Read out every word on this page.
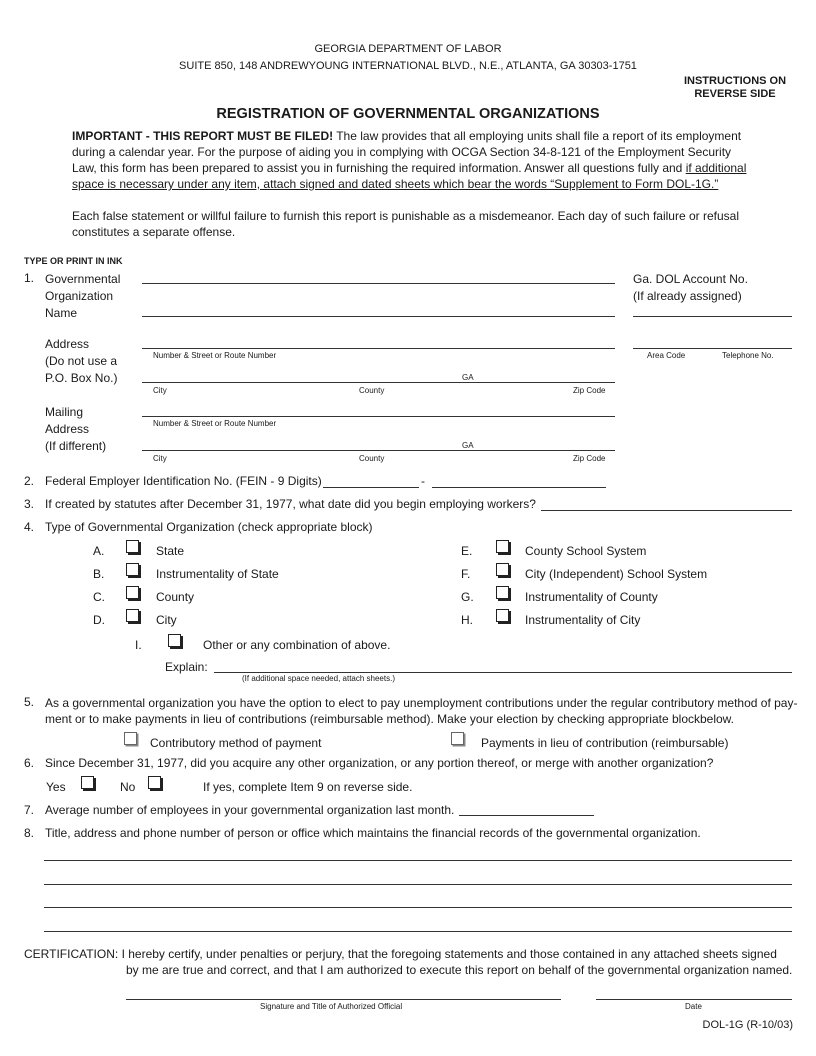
GEORGIA DEPARTMENT OF LABOR
SUITE 850, 148 ANDREWYOUNG INTERNATIONAL BLVD., N.E., ATLANTA, GA 30303-1751
INSTRUCTIONS ON
REVERSE SIDE
REGISTRATION OF GOVERNMENTAL ORGANIZATIONS
IMPORTANT - THIS REPORT MUST BE FILED! The law provides that all employing units shall file a report of its employment during a calendar year. For the purpose of aiding you in complying with OCGA Section 34-8-121 of the Employment Security Law, this form has been prepared to assist you in furnishing the required information. Answer all questions fully and if additional space is necessary under any item, attach signed and dated sheets which bear the words “Supplement to Form DOL-1G.”
Each false statement or willful failure to furnish this report is punishable as a misdemeanor. Each day of such failure or refusal constitutes a separate offense.
TYPE OR PRINT IN INK
1. Governmental
Organization
Name
Ga. DOL Account No.
(If already assigned)
Address
(Do not use a
P.O. Box No.)
Number & Street or Route Number	Area Code	Telephone No.
GA
City	County	Zip Code
Mailing
Address
(If different)
Number & Street or Route Number
GA
City	County	Zip Code
2. Federal Employer Identification No. (FEIN - 9 Digits)	-
3. If created by statutes after December 31, 1977, what date did you begin employing workers?
4. Type of Governmental Organization (check appropriate block)
A.	State
B.	Instrumentality of State
C.	County
D.	City
E.	County School System
F.	City (Independent) School System
G.	Instrumentality of County
H.	Instrumentality of City
I.	Other or any combination of above.
Explain:
(If additional space needed, attach sheets.)
5. As a governmental organization you have the option to elect to pay unemployment contributions under the regular contributory method of pay-
ment or to make payments in lieu of contributions (reimbursable method). Make your election by checking appropriate blockbelow.
Contributory method of payment	Payments in lieu of contribution (reimbursable)
6. Since December 31, 1977, did you acquire any other organization, or any portion thereof, or merge with another organization?
Yes	No	If yes, complete Item 9 on reverse side.
7. Average number of employees in your governmental organization last month.
8. Title, address and phone number of person or office which maintains the financial records of the governmental organization.
CERTIFICATION: I hereby certify, under penalties or perjury, that the foregoing statements and those contained in any attached sheets signed
by me are true and correct, and that I am authorized to execute this report on behalf of the governmental organization named.
Signature and Title of Authorized Official	Date
DOL-1G (R-10/03)
